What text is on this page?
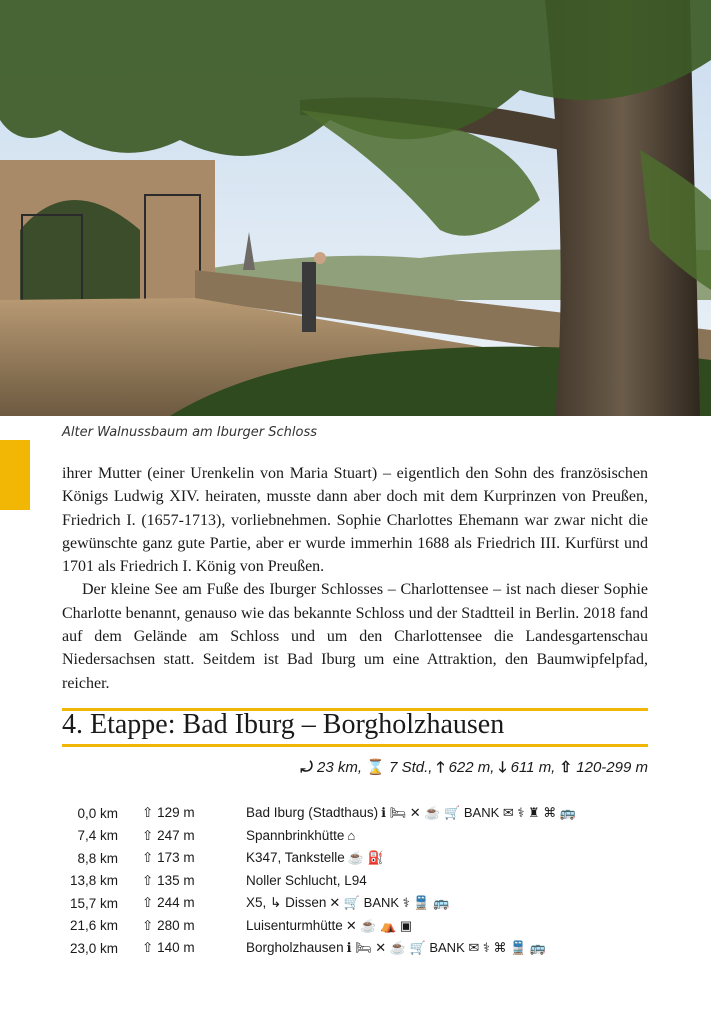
Alter Walnussbaum am Iburger Schloss

ihrer Mutter (einer Urenkelin von Maria Stuart) – eigentlich den Sohn des französischen Königs Ludwig XIV. heiraten, musste dann aber doch mit dem Kurprinzen von Preußen, Friedrich I. (1657-1713), vorliebnehmen. Sophie Charlottes Ehemann war zwar nicht die gewünschte ganz gute Partie, aber er wurde immerhin 1688 als Friedrich III. Kurfürst und 1701 als Friedrich I. König von Preußen.

Der kleine See am Fuße des Iburger Schlosses – Charlottensee – ist nach dieser Sophie Charlotte benannt, genauso wie das bekannte Schloss und der Stadtteil in Berlin. 2018 fand auf dem Gelände am Schloss und um den Charlottensee die Landesgartenschau Niedersachsen statt. Seitdem ist Bad Iburg um eine Attraktion, den Baumwipfelpfad, reicher.

4. Etappe: Bad Iburg – Borgholzhausen
⤾ 23 km, ⌛ 7 Std., 🡑 622 m, 🡓 611 m, ⇧ 120-299 m
0,0 km	⇧ 129 m	Bad Iburg (Stadthaus) ℹ 🛏 ✕ ☕ 🛒 BANK ✉ ⚕ ♜ ⌘ 🚌
7,4 km	⇧ 247 m	Spannbrinkhütte ⌂
8,8 km	⇧ 173 m	K347, Tankstelle ☕ ⛽
13,8 km	⇧ 135 m	Noller Schlucht, L94
15,7 km	⇧ 244 m	X5, ↳ Dissen ✕ 🛒 BANK ⚕ 🚆 🚌
21,6 km	⇧ 280 m	Luisenturmhütte ✕ ☕ ⛺ ▣
23,0 km	⇧ 140 m	Borgholzhausen ℹ 🛏 ✕ ☕ 🛒 BANK ✉ ⚕ ⌘ 🚆 🚌
